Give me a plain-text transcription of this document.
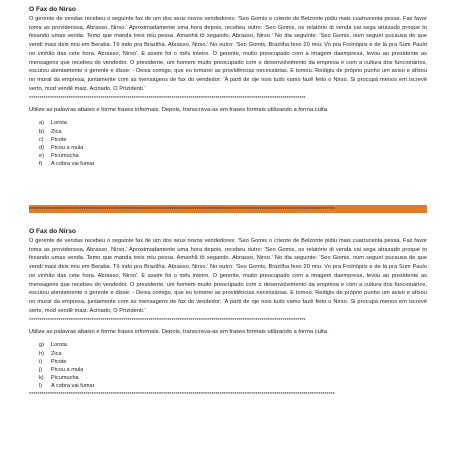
O Fax do Nirso

O gerente de vendas recebeu o seguinte fax de um dos seus novos vendedores: 'Seo Gomis o criente de Belzonte pidiu mais cuatrucenta pessa. Faz favor toma as providenssa, Abrasso, Nirso.' Aproximadamente uma hora depois, recebeu outro: 'Seo Gomis, os relatório di venda vai sega atrazado proque to fexando umas venda. Temo que manda treis miu pessa. Amanhã tô xegando. Abrasso, Nirso.' No dia seguinte: 'Seo Gomis, num segueí pucausa de que vendi maiz deis miu em Beraba. Tô indo pra Brazilha. Abrasso, Nirso.' No outro: 'Seo Gomis, Brazilha fexo 20 miu. Vo pra Frolnópiis e de lá pra Sum Paulo no vinhão das cete hora. Abrasso, Nirso'. E assim foi o mês inteiro. O gerente, muito preocupado com a imagem daempresa, levou ao presidente as mensagens que recebeu do vendedor. O presidente, um homem muito preocupado com o desenvolvimento da empresa e com a cultura dos funcionários, escutou atentamente o gerente e disse: - Deixa comigo, que eu tomarei as providências necessárias. E tomou. Redigiu de próprio punho um aviso e afixou no mural da empresa, juntamente com as mensagens de fax do vendedor: 'A parti de oje nois tudo vamo fazê feito o Nirso. Si procupá menos em iscrevê serto, mod vendê maiz. Acinado, O Prizidenti.'

************************************************************************************************************************************

Utilize as palavras abaixo e forme frases informais. Depois, transcreva-as em frases formais utilizando a forma culta.

a) Lorota
b) Zica
c) Picote
d) Picou a mula
e) Picumucha
f) A cobra vai fumar
**************************************************************************************************************************************************

O Fax do Nirso

O gerente de vendas recebeu o seguinte fax de um dos seus novos vendedores: 'Seo Gomis o criente de Belzonte pidiu mais cuatrucenta pessa. Faz favor toma as providenssa, Abrasso, Nirso.' Aproximadamente uma hora depois, recebeu outro: 'Seo Gomis, os relatório di venda vai sega atrazado proque to fexando umas venda. Temo que manda treis miu pessa. Amanhã tô xegando. Abrasso, Nirso.' No dia seguinte: 'Seo Gomis, num segueí pucausa de que vendi maiz deis miu em Beraba. Tô indo pra Brazilha. Abrasso, Nirso.' No outro: 'Seo Gomis, Brazilha fexo 20 miu. Vo pra Frolnópiis e de lá pra Sum Paulo no vinhão das cete hora. Abrasso, Nirso'. E assim foi o mês inteiro. O gerente, muito preocupado com a imagem daempresa, levou ao presidente as mensagens que recebeu do vendedor. O presidente, um homem muito preocupado com o desenvolvimento da empresa e com a cultura dos funcionários, escutou atentamente o gerente e disse: - Deixa comigo, que eu tomarei as providências necessárias. E tomou. Redigiu de próprio punho um aviso e afixou no mural da empresa, juntamente com as mensagens de fax do vendedor: 'A parti de oje nois tudo vamo fazê feito o Nirso. Si procupá menos em iscrevê serto, mod vendê maiz. Acinado, O Prizidenti.'

************************************************************************************************************************************

Utilize as palavras abaixo e forme frases informais. Depois, transcreva-as em frases formais utilizando a forma culta.

g) Lorota
h) Zica
i) Picote
j) Picou a mula
k) Picumucha
l) A cobra vai fumar
**************************************************************************************************************************************************
